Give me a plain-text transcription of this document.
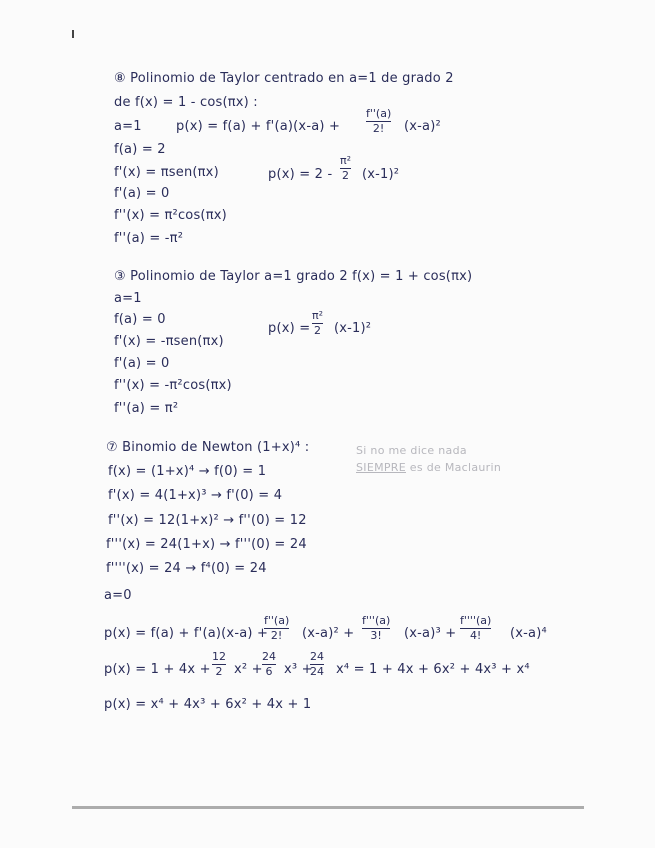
⑧ Polinomio de Taylor centrado en a=1 de grado 2
de f(x) = 1 - cos(πx) :
a=1	p(x) = f(a) + f'(a)(x-a) +
f''(a)
2!	(x-a)²
f(a) = 2
f'(x) = πsen(πx)	p(x) = 2 -
π²
2 (x-1)²
f'(a) = 0
f''(x) = π²cos(πx)
f''(a) = -π²
③ Polinomio de Taylor a=1 grado 2 f(x) = 1 + cos(πx)
a=1
f(a) = 0
p(x) =
π²
2 (x-1)²
f'(x) = -πsen(πx)
f'(a) = 0
f''(x) = -π²cos(πx)
f''(a) = π²
⑦ Binomio de Newton (1+x)⁴ :	Si no me dice nada
SIEMPRE es de Maclaurin
f(x) = (1+x)⁴ → f(0) = 1
f'(x) = 4(1+x)³ → f'(0) = 4
f''(x) = 12(1+x)² → f''(0) = 12
f'''(x) = 24(1+x) → f'''(0) = 24
f''''(x) = 24 → f⁴(0) = 24
a=0
p(x) = f(a) + f'(a)(x-a) +
f''(a)
2!	(x-a)² +
f'''(a)
3!	(x-a)³ +
f''''(a)
4!	(x-a)⁴
p(x) = 1 + 4x +
12
2 x² +
24
6 x³ +
24
24 x⁴ = 1 + 4x + 6x² + 4x³ + x⁴
p(x) = x⁴ + 4x³ + 6x² + 4x + 1
